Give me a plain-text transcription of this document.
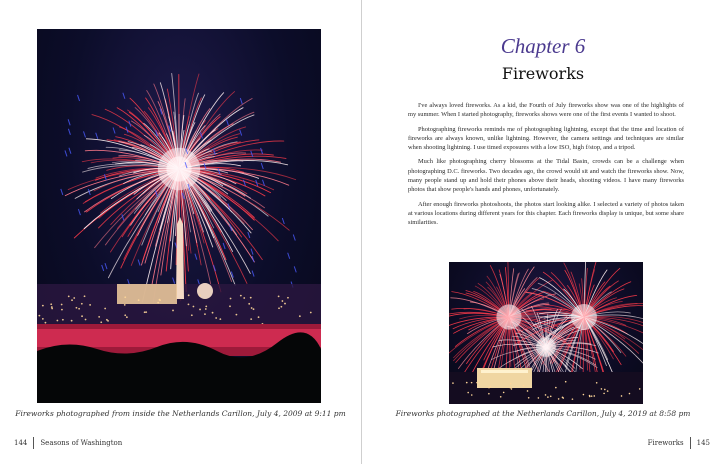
Fireworks photographed from inside the Netherlands Carillon, July 4, 2009 at 9:11 pm
144 Seasons of Washington
Chapter 6
Fireworks

I've always loved fireworks. As a kid, the Fourth of July fireworks show was one of the highlights of my summer. When I started photography, fireworks shows were one of the first events I wanted to shoot.

Photographing fireworks reminds me of photographing lightning, except that the time and location of fireworks are always known, unlike lightning. However, the camera settings and techniques are similar when shooting lightning. I use timed exposures with a low ISO, high f/stop, and a tripod.

Much like photographing cherry blossoms at the Tidal Basin, crowds can be a challenge when photographing D.C. fireworks. Two decades ago, the crowd would sit and watch the fireworks show. Now, many people stand up and hold their phones above their heads, shooting videos. I have many fireworks photos that show people's hands and phones, unfortunately.

After enough fireworks photoshoots, the photos start looking alike. I selected a variety of photos taken at various locations during different years for this chapter. Each fireworks display is unique, but some share similarities.

Fireworks photographed at the Netherlands Carillon, July 4, 2019 at 8:58 pm
Fireworks 145
